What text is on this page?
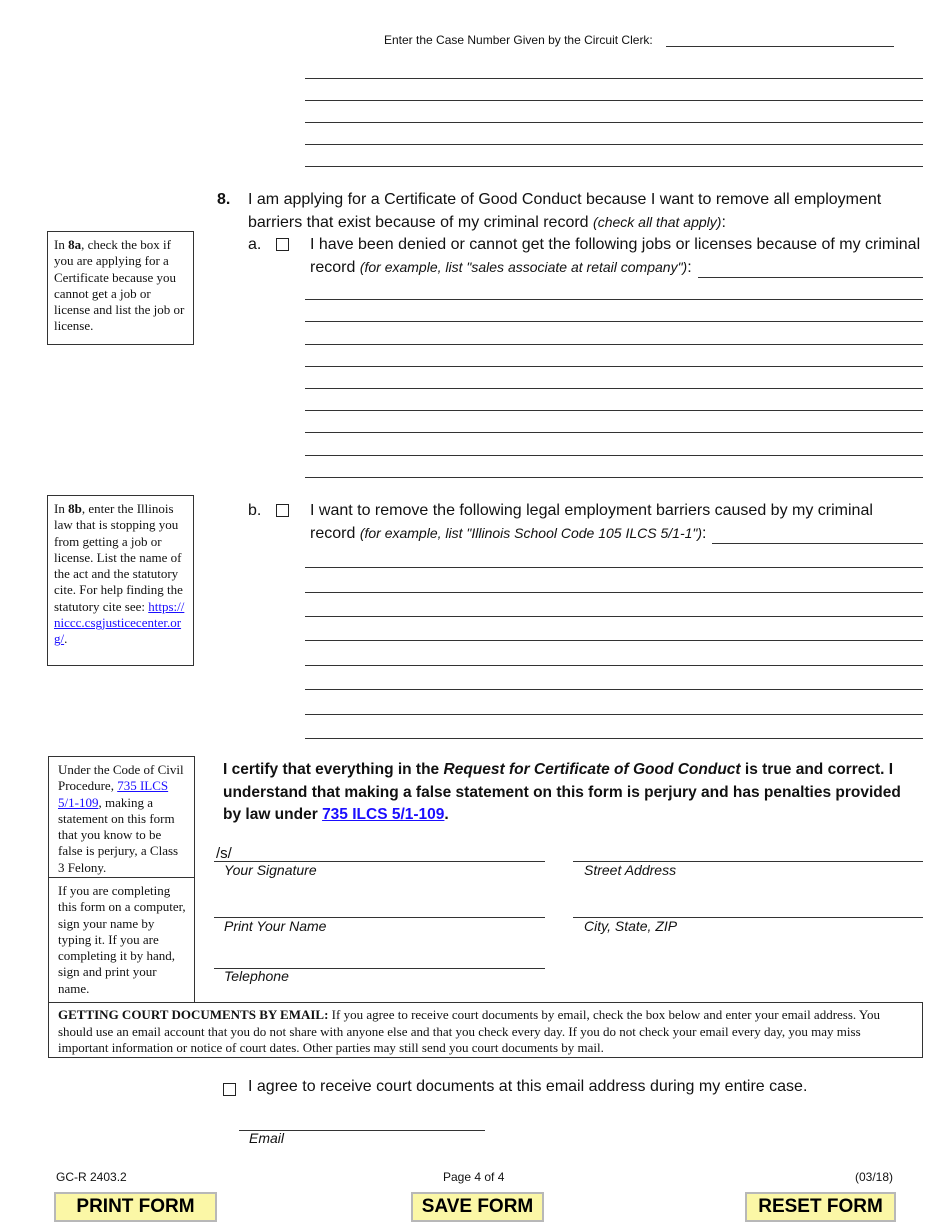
Enter the Case Number Given by the Circuit Clerk:
8. I am applying for a Certificate of Good Conduct because I want to remove all employment
barriers that exist because of my criminal record (check all that apply):
a.	I have been denied or cannot get the following jobs or licenses because of my criminal
record (for example, list "sales associate at retail company"):
In 8a, check the box if you are applying for a Certificate because you cannot get a job or license and list the job or license.
b.	I want to remove the following legal employment barriers caused by my criminal
record (for example, list "Illinois School Code 105 ILCS 5/1-1"):
In 8b, enter the Illinois law that is stopping you from getting a job or license. List the name of the act and the statutory cite. For help finding the statutory cite see: https://niccc.csgjusticecenter.org/.
Under the Code of Civil Procedure, 735 ILCS 5/1-109, making a statement on this form that you know to be false is perjury, a Class 3 Felony.
If you are completing this form on a computer, sign your name by typing it. If you are completing it by hand, sign and print your name.
I certify that everything in the Request for Certificate of Good Conduct is true and correct. I understand that making a false statement on this form is perjury and has penalties provided by law under 735 ILCS 5/1-109.
/s/
Your Signature
Print Your Name
Telephone
Street Address
City, State, ZIP
GETTING COURT DOCUMENTS BY EMAIL: If you agree to receive court documents by email, check the box below and enter your email address. You should use an email account that you do not share with anyone else and that you check every day. If you do not check your email every day, you may miss important information or notice of court dates. Other parties may still send you court documents by mail.
I agree to receive court documents at this email address during my entire case.
Email
GC-R 2403.2	Page 4 of 4	(03/18)
PRINT FORM	SAVE FORM	RESET FORM
